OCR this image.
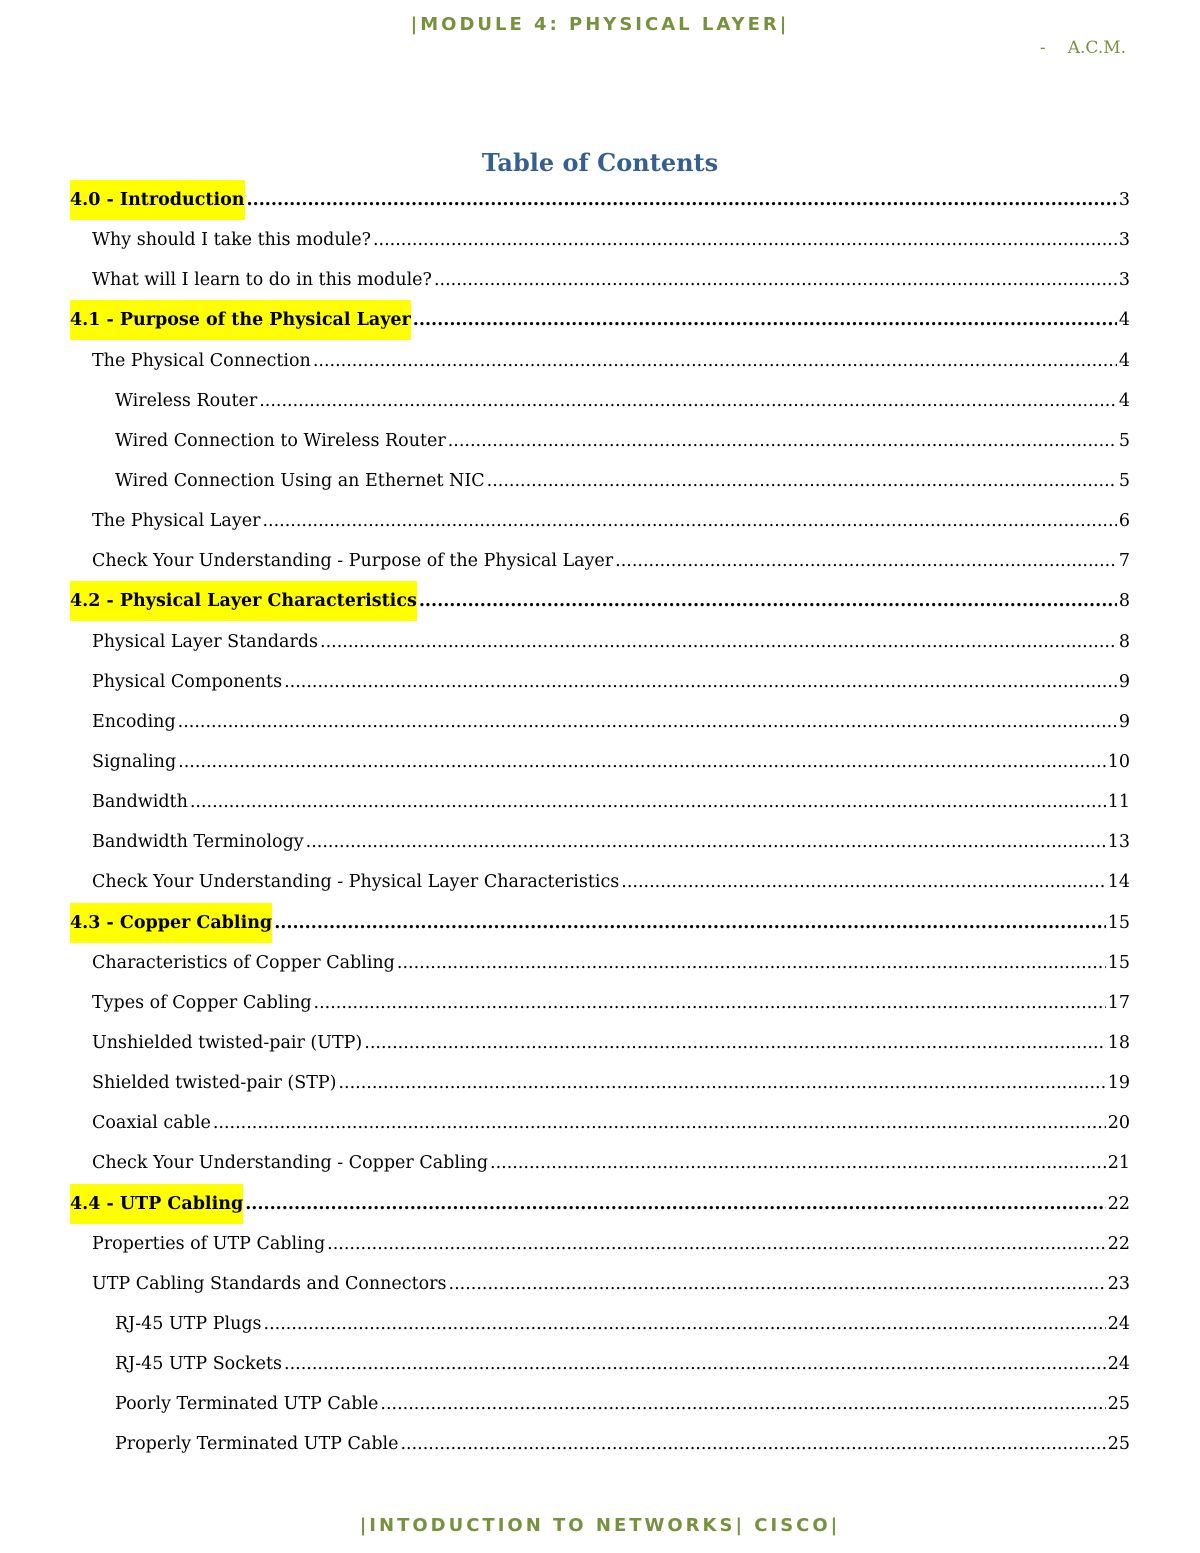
|MODULE 4: PHYSICAL LAYER|
- A.C.M.
Table of Contents
4.0 - Introduction .....	3
Why should I take this module? .....	3
What will I learn to do in this module? .....	3
4.1 - Purpose of the Physical Layer .....	4
The Physical Connection .....	4
Wireless Router .....	4
Wired Connection to Wireless Router .....	5
Wired Connection Using an Ethernet NIC .....	5
The Physical Layer .....	6
Check Your Understanding - Purpose of the Physical Layer .....	7
4.2 - Physical Layer Characteristics .....	8
Physical Layer Standards .....	8
Physical Components .....	9
Encoding .....	9
Signaling .....	10
Bandwidth .....	11
Bandwidth Terminology .....	13
Check Your Understanding - Physical Layer Characteristics .....	14
4.3 - Copper Cabling .....	15
Characteristics of Copper Cabling .....	15
Types of Copper Cabling .....	17
Unshielded twisted-pair (UTP) .....	18
Shielded twisted-pair (STP) .....	19
Coaxial cable .....	20
Check Your Understanding - Copper Cabling .....	21
4.4 - UTP Cabling .....	22
Properties of UTP Cabling .....	22
UTP Cabling Standards and Connectors .....	23
RJ-45 UTP Plugs .....	24
RJ-45 UTP Sockets .....	24
Poorly Terminated UTP Cable .....	25
Properly Terminated UTP Cable .....	25
|INTODUCTION TO NETWORKS| CISCO|
